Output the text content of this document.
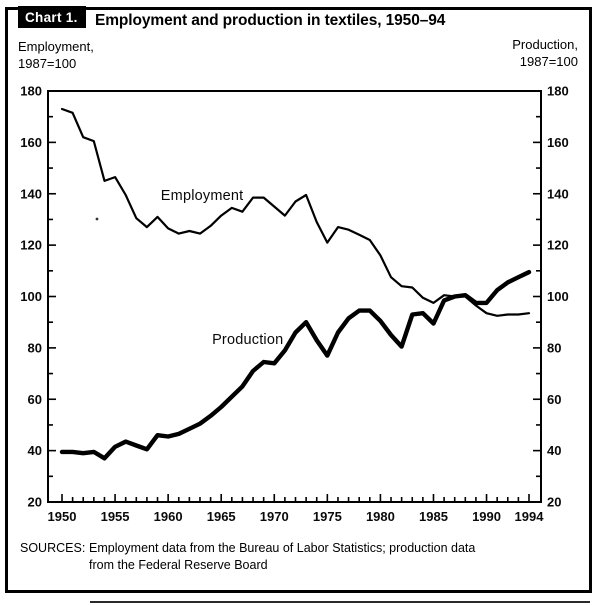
Chart 1.	Employment and production in textiles, 1950–94
Employment,
1987=100
Production,
1987=100
20	20
40	40
60	60
80	80
100	100
120	120
140	140
160	160
180	180
1950 1955 1960 1965 1970 1975 1980 1985 1990 1994
Employment
Production
SOURCES: Employment data from the Bureau of Labor Statistics; production data
from the Federal Reserve Board
